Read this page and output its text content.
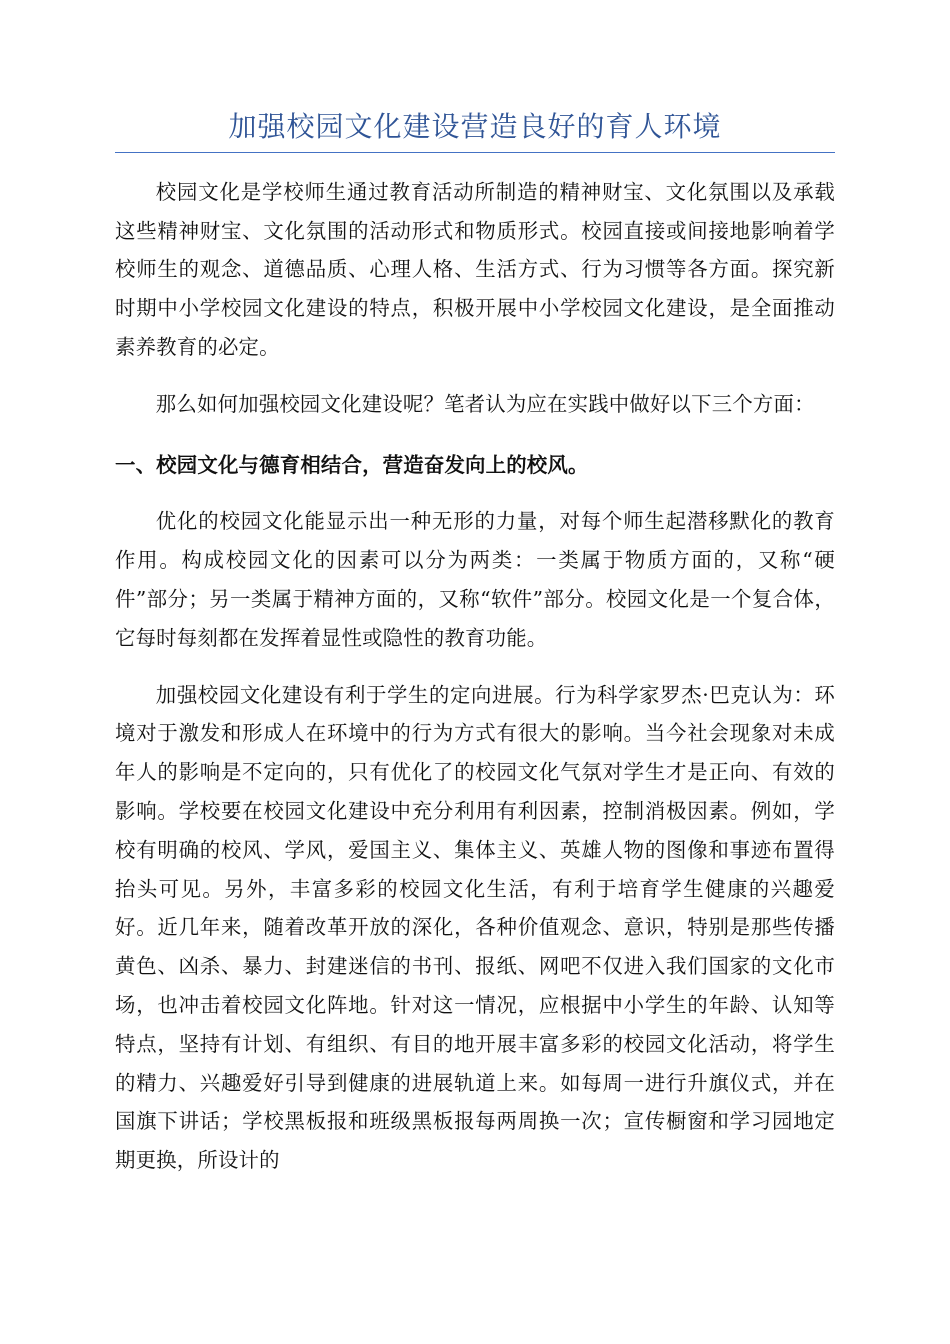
加强校园文化建设营造良好的育人环境

校园文化是学校师生通过教育活动所制造的精神财宝、文化氛围以及承载这些精神财宝、文化氛围的活动形式和物质形式。校园直接或间接地影响着学校师生的观念、道德品质、心理人格、生活方式、行为习惯等各方面。探究新时期中小学校园文化建设的特点，积极开展中小学校园文化建设，是全面推动素养教育的必定。

那么如何加强校园文化建设呢？笔者认为应在实践中做好以下三个方面：

一、校园文化与德育相结合，营造奋发向上的校风。

优化的校园文化能显示出一种无形的力量，对每个师生起潜移默化的教育作用。构成校园文化的因素可以分为两类：一类属于物质方面的，又称“硬件”部分；另一类属于精神方面的，又称“软件”部分。校园文化是一个复合体，它每时每刻都在发挥着显性或隐性的教育功能。

加强校园文化建设有利于学生的定向进展。行为科学家罗杰·巴克认为：环境对于激发和形成人在环境中的行为方式有很大的影响。当今社会现象对未成年人的影响是不定向的，只有优化了的校园文化气氛对学生才是正向、有效的影响。学校要在校园文化建设中充分利用有利因素，控制消极因素。例如，学校有明确的校风、学风，爱国主义、集体主义、英雄人物的图像和事迹布置得抬头可见。另外，丰富多彩的校园文化生活，有利于培育学生健康的兴趣爱好。近几年来，随着改革开放的深化，各种价值观念、意识，特别是那些传播黄色、凶杀、暴力、封建迷信的书刊、报纸、网吧不仅进入我们国家的文化市场，也冲击着校园文化阵地。针对这一情况，应根据中小学生的年龄、认知等特点，坚持有计划、有组织、有目的地开展丰富多彩的校园文化活动，将学生的精力、兴趣爱好引导到健康的进展轨道上来。如每周一进行升旗仪式，并在国旗下讲话；学校黑板报和班级黑板报每两周换一次；宣传橱窗和学习园地定期更换，所设计的
